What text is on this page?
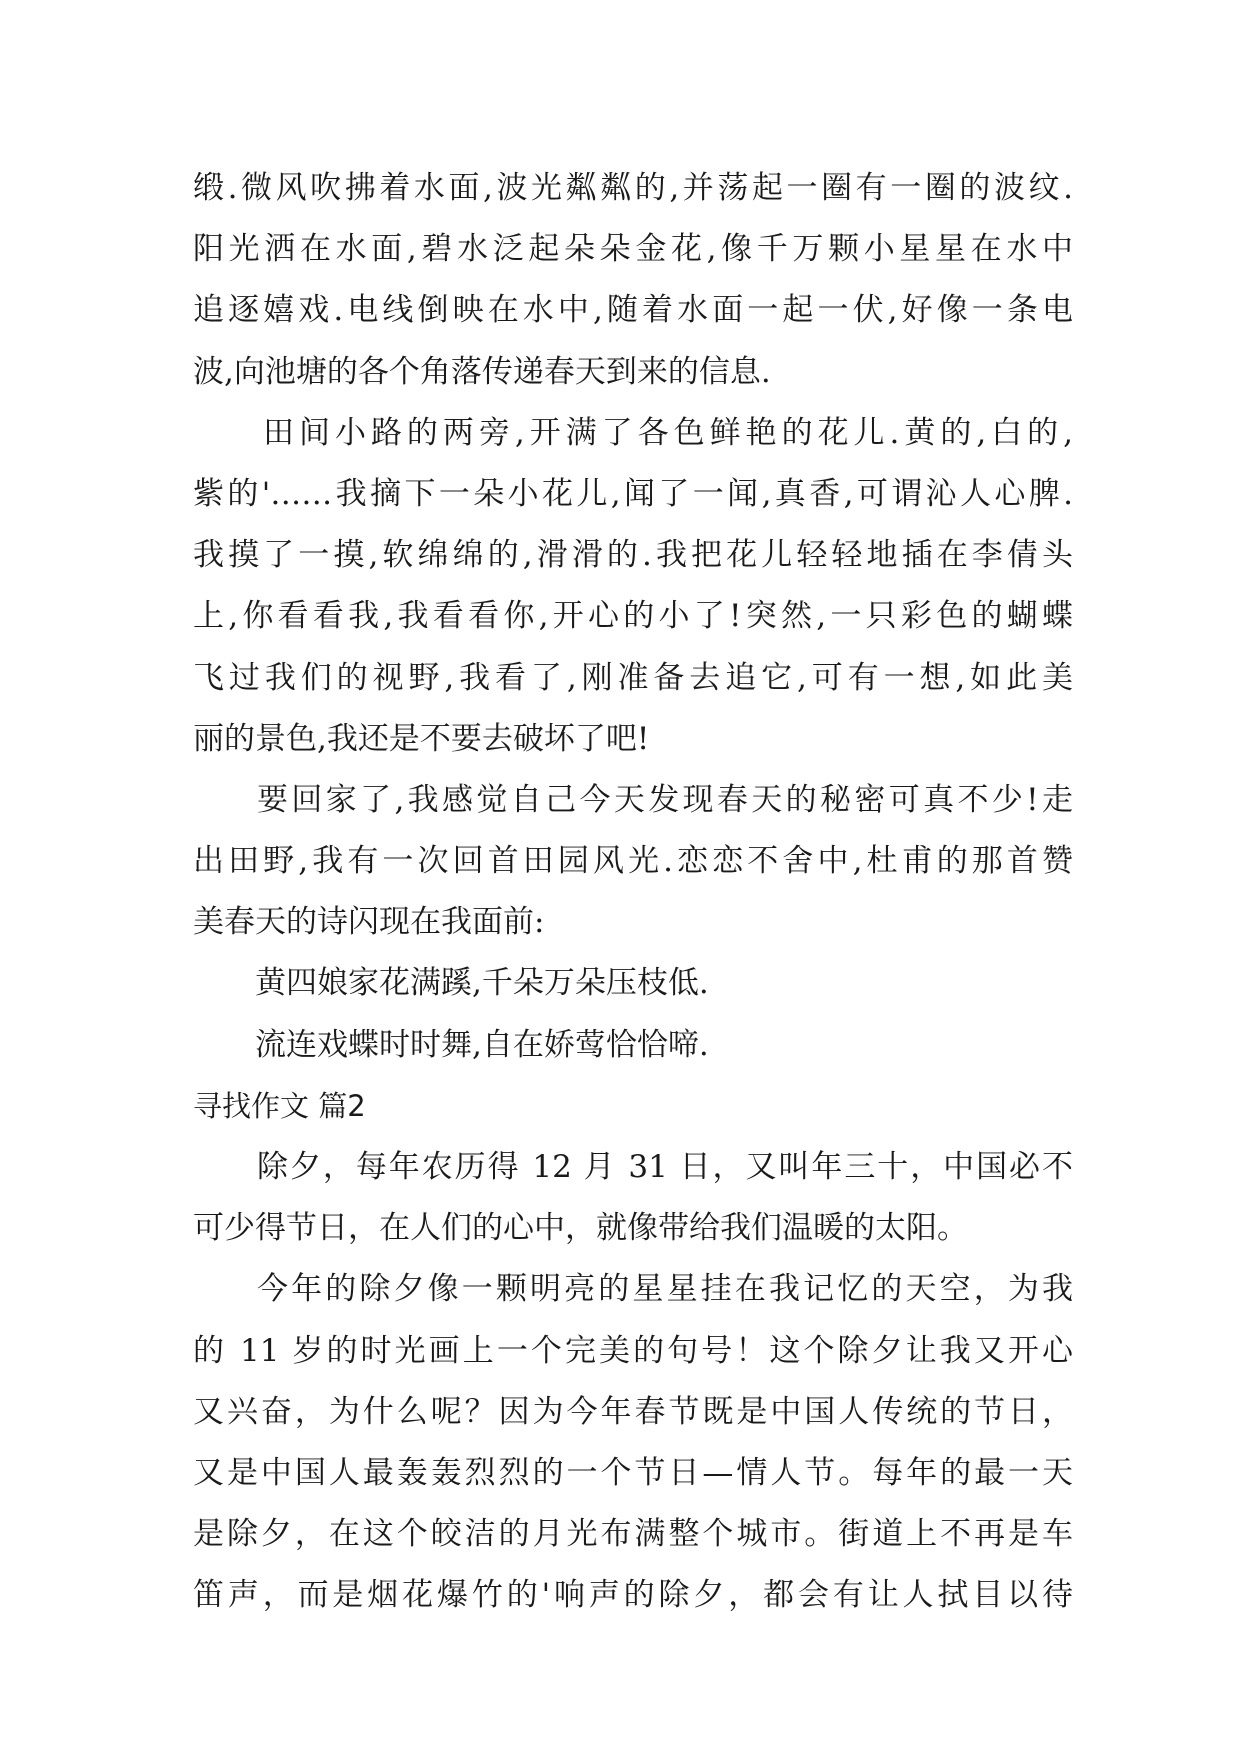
缎.微风吹拂着水面,波光粼粼的,并荡起一圈有一圈的波纹.
阳光洒在水面,碧水泛起朵朵金花,像千万颗小星星在水中
追逐嬉戏.电线倒映在水中,随着水面一起一伏,好像一条电
波,向池塘的各个角落传递春天到来的信息.
田间小路的两旁,开满了各色鲜艳的花儿.黄的,白的,
紫的'……我摘下一朵小花儿,闻了一闻,真香,可谓沁人心脾.
我摸了一摸,软绵绵的,滑滑的.我把花儿轻轻地插在李倩头
上,你看看我,我看看你,开心的小了!突然,一只彩色的蝴蝶
飞过我们的视野,我看了,刚准备去追它,可有一想,如此美
丽的景色,我还是不要去破坏了吧!
要回家了,我感觉自己今天发现春天的秘密可真不少!走
出田野,我有一次回首田园风光.恋恋不舍中,杜甫的那首赞
美春天的诗闪现在我面前:
黄四娘家花满蹊,千朵万朵压枝低.
流连戏蝶时时舞,自在娇莺恰恰啼.
寻找作文 篇2
除夕，每年农历得 12 月 31 日，又叫年三十，中国必不
可少得节日，在人们的心中，就像带给我们温暖的太阳。
今年的除夕像一颗明亮的星星挂在我记忆的天空，为我
的 11 岁的时光画上一个完美的句号！这个除夕让我又开心
又兴奋，为什么呢？因为今年春节既是中国人传统的节日，
又是中国人最轰轰烈烈的一个节日—情人节。每年的最一天
是除夕，在这个皎洁的月光布满整个城市。街道上不再是车
笛声，而是烟花爆竹的'响声的除夕，都会有让人拭目以待
